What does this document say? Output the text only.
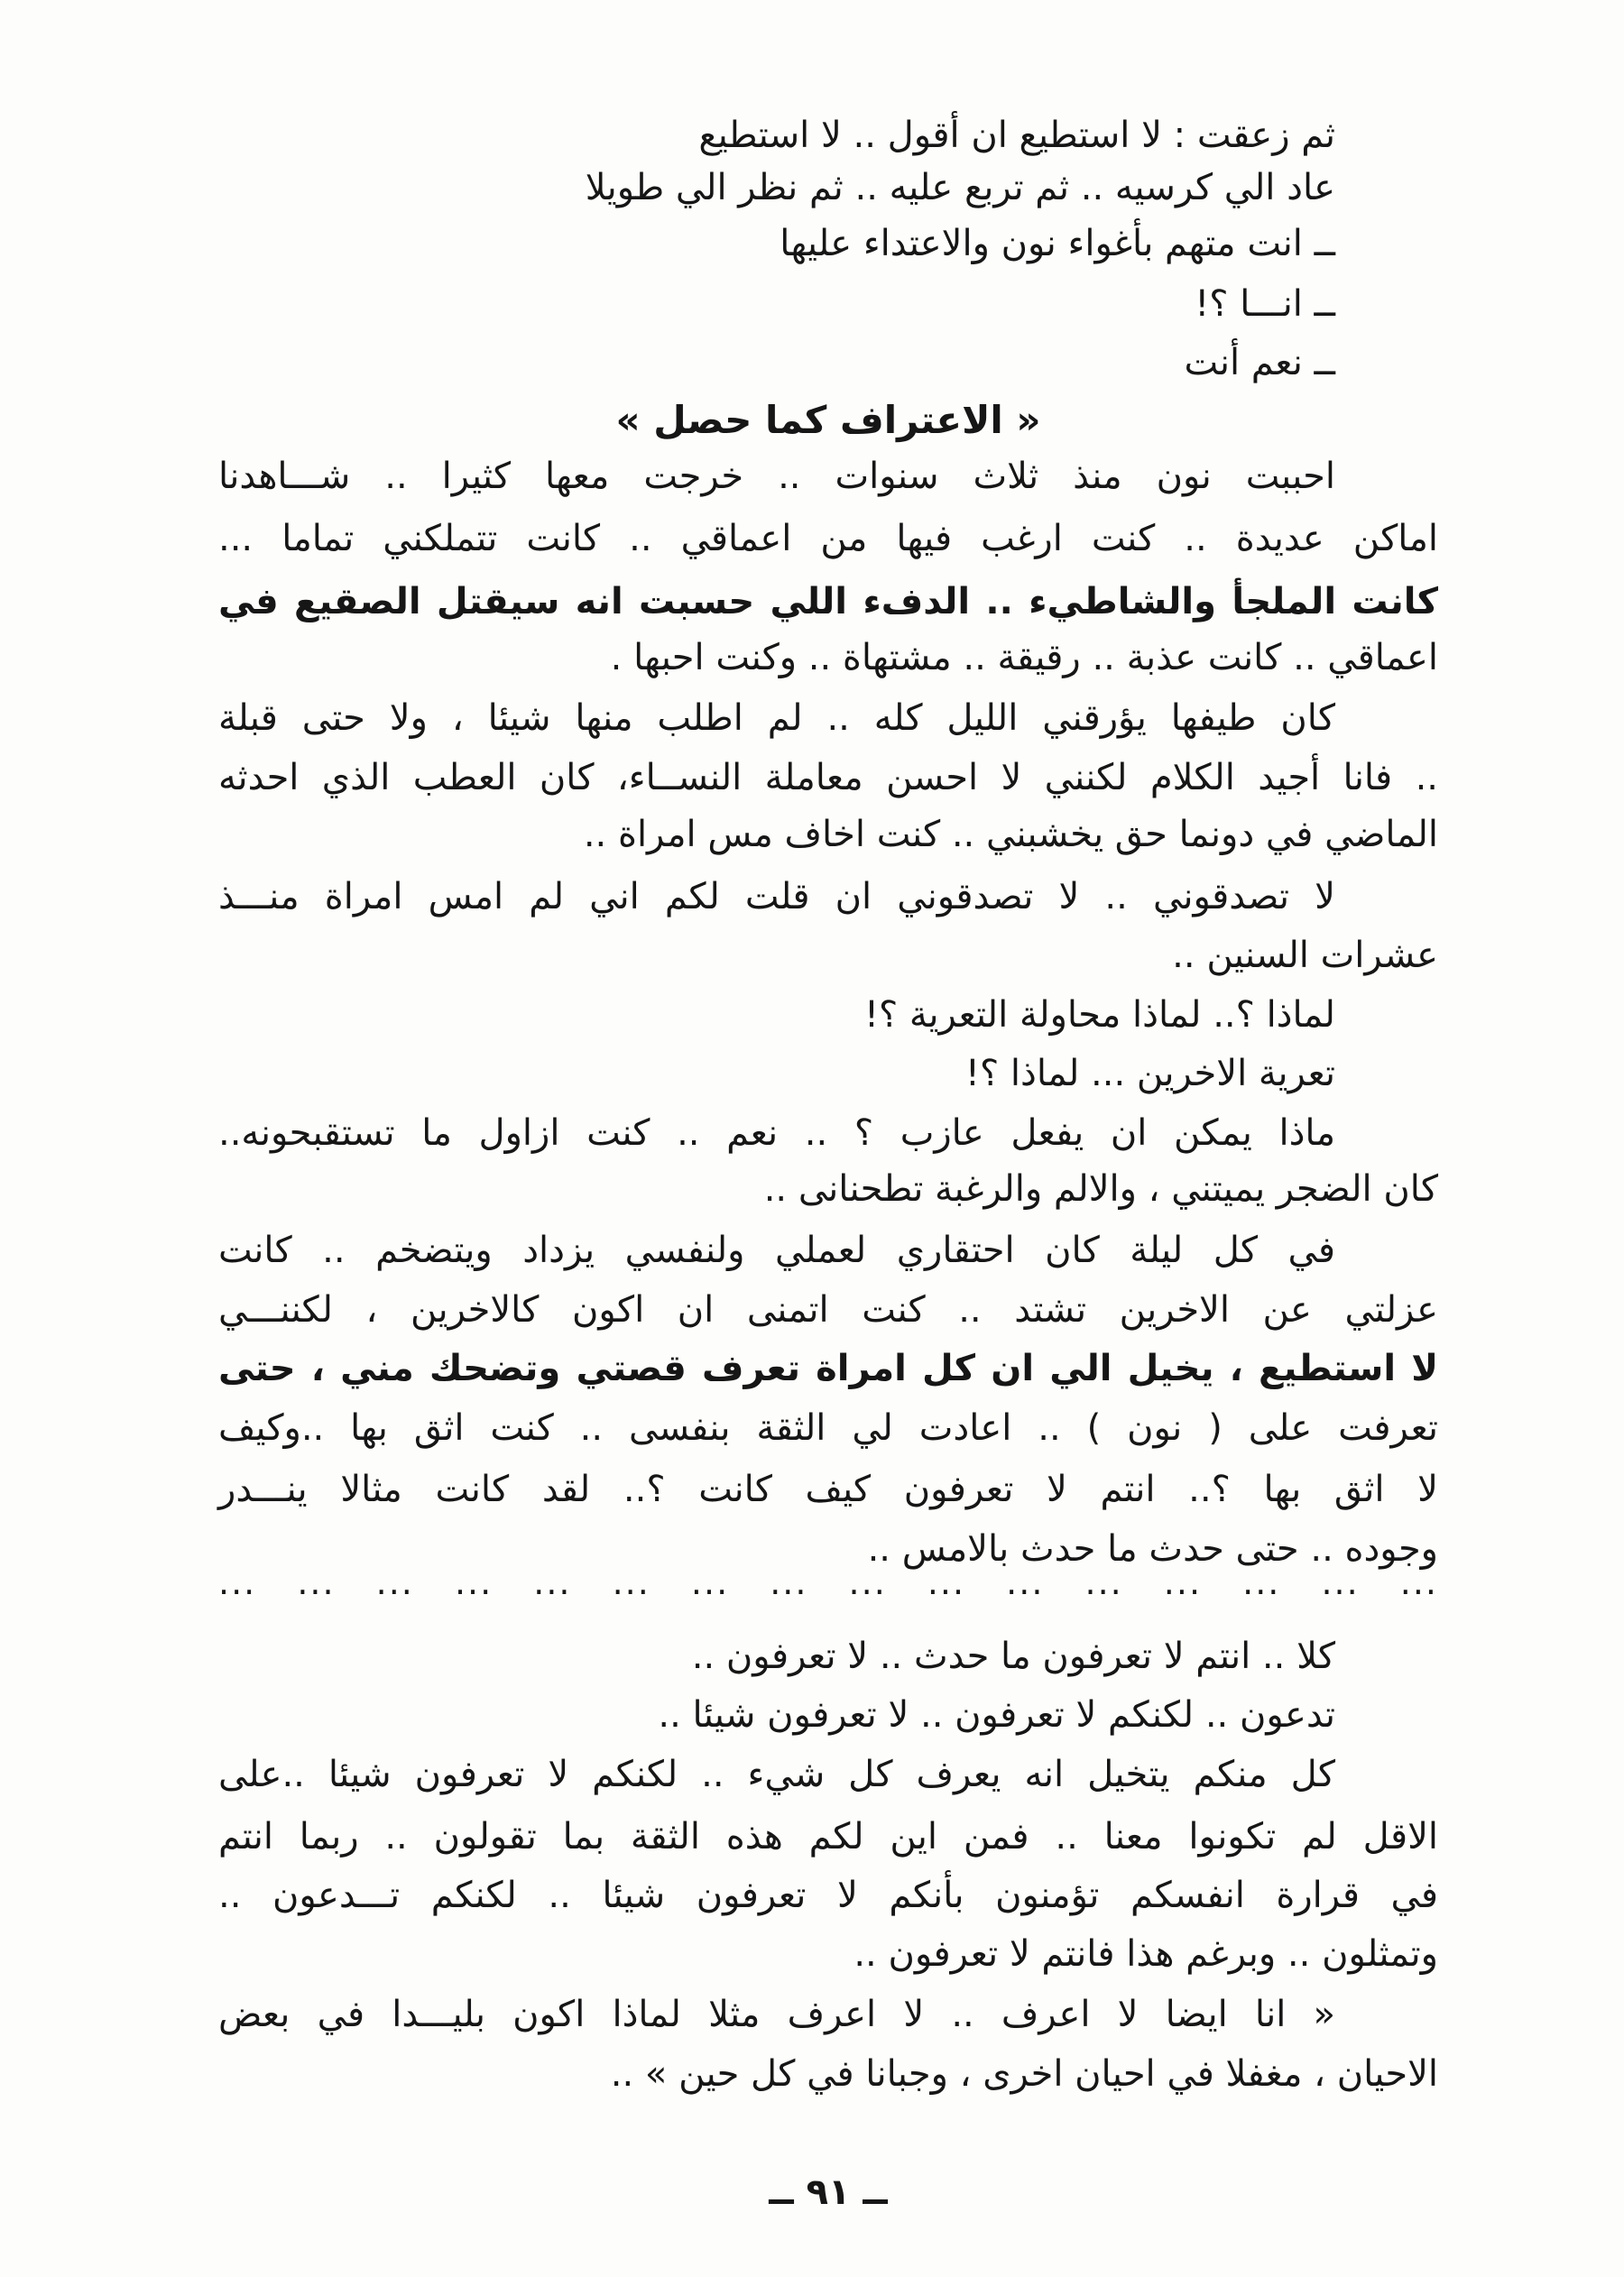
ثم زعقت : لا استطيع ان أقول .. لا استطيع
عاد الي كرسيه .. ثم تربع عليه .. ثم نظر الي طويلا
ــ انت متهم بأغواء نون والاعتداء عليها
ــ انـــا ؟!
ــ نعم أنت
« الاعتراف كما حصل »
احببت نون منذ ثلاث سنوات .. خرجت معها كثيرا .. شـــاهدنا
اماكن عديدة .. كنت ارغب فيها من اعماقي .. كانت تتملكني تماما ...
كانت الملجأ والشاطيء .. الدفء اللي حسبت انه سيقتل الصقيع في
اعماقي .. كانت عذبة .. رقيقة .. مشتهاة .. وكنت احبها .
كان طيفها يؤرقني الليل كله .. لم اطلب منها شيئا ، ولا حتى قبلة
.. فانا أجيد الكلام لكنني لا احسن معاملة النســاء، كان العطب الذي احدثه
الماضي في دونما حق يخشبني .. كنت اخاف مس امراة ..
لا تصدقوني .. لا تصدقوني ان قلت لكم اني لم امس امراة منـــذ
عشرات السنين ..
لماذا ؟.. لماذا محاولة التعرية ؟!
تعرية الاخرين ... لماذا ؟!
ماذا يمكن ان يفعل عازب ؟ .. نعم .. كنت ازاول ما تستقبحونه..
كان الضجر يميتني ، والالم والرغبة تطحنانى ..
في كل ليلة كان احتقاري لعملي ولنفسي يزداد ويتضخم .. كانت
عزلتي عن الاخرين تشتد .. كنت اتمنى ان اكون كالاخرين ، لكننـــي
لا استطيع ، يخيل الي ان كل امراة تعرف قصتي وتضحك مني ، حتى
تعرفت على ( نون ) .. اعادت لي الثقة بنفسى .. كنت اثق بها ..وكيف
لا اثق بها ؟.. انتم لا تعرفون كيف كانت ؟.. لقد كانت مثالا ينـــدر
وجوده .. حتى حدث ما حدث بالامس ..
... ... ... ... ... ... ... ... ... ... ... ... ... ... ... ...
كلا .. انتم لا تعرفون ما حدث .. لا تعرفون ..
تدعون .. لكنكم لا تعرفون .. لا تعرفون شيئا ..
كل منكم يتخيل انه يعرف كل شيء .. لكنكم لا تعرفون شيئا ..على
الاقل لم تكونوا معنا .. فمن اين لكم هذه الثقة بما تقولون .. ربما انتم
في قرارة انفسكم تؤمنون بأنكم لا تعرفون شيئا .. لكنكم تـــدعون ..
وتمثلون .. وبرغم هذا فانتم لا تعرفون ..
« انا ايضا لا اعرف .. لا اعرف مثلا لماذا اكون بليـــدا في بعض
الاحيان ، مغفلا في احيان اخرى ، وجبانا في كل حين » ..
ــ ٩١ ــ
